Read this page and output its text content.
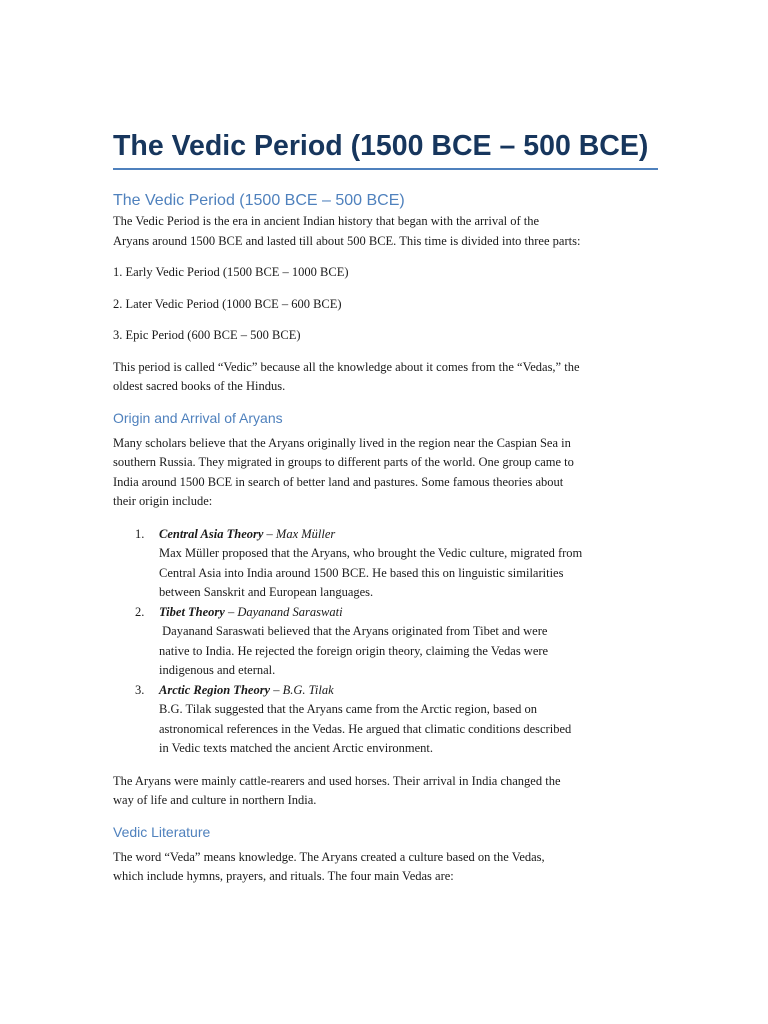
The Vedic Period (1500 BCE – 500 BCE)
The Vedic Period (1500 BCE – 500 BCE)

The Vedic Period is the era in ancient Indian history that began with the arrival of the
Aryans around 1500 BCE and lasted till about 500 BCE. This time is divided into three parts:

1. Early Vedic Period (1500 BCE – 1000 BCE)

2. Later Vedic Period (1000 BCE – 600 BCE)

3. Epic Period (600 BCE – 500 BCE)

This period is called “Vedic” because all the knowledge about it comes from the “Vedas,” the
oldest sacred books of the Hindus.

Origin and Arrival of Aryans

Many scholars believe that the Aryans originally lived in the region near the Caspian Sea in
southern Russia. They migrated in groups to different parts of the world. One group came to
India around 1500 BCE in search of better land and pastures. Some famous theories about
their origin include:

1. Central Asia Theory – Max Müller

Max Müller proposed that the Aryans, who brought the Vedic culture, migrated from
Central Asia into India around 1500 BCE. He based this on linguistic similarities
between Sanskrit and European languages.

2. Tibet Theory – Dayanand Saraswati

Dayanand Saraswati believed that the Aryans originated from Tibet and were
native to India. He rejected the foreign origin theory, claiming the Vedas were
indigenous and eternal.

3. Arctic Region Theory – B.G. Tilak

B.G. Tilak suggested that the Aryans came from the Arctic region, based on
astronomical references in the Vedas. He argued that climatic conditions described
in Vedic texts matched the ancient Arctic environment.

The Aryans were mainly cattle-rearers and used horses. Their arrival in India changed the
way of life and culture in northern India.

Vedic Literature

The word “Veda” means knowledge. The Aryans created a culture based on the Vedas,
which include hymns, prayers, and rituals. The four main Vedas are:
